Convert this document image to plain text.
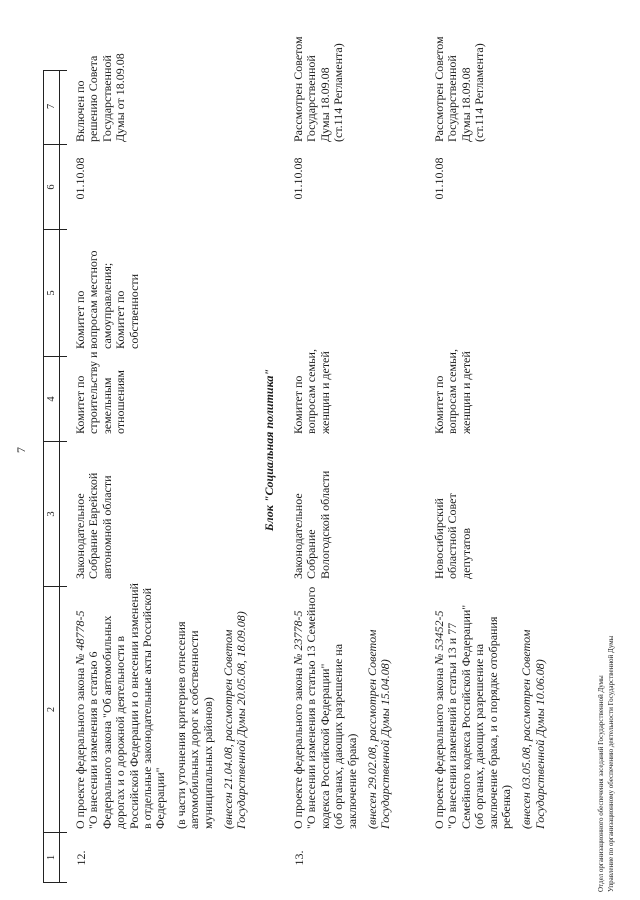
7
1
2
3
4
5
6
7
12.
О проекте федерального закона № 48778-5
"О внесении изменения в статью 6 Федерального закона "Об автомобильных дорогах и о дорожной деятельности в Российской Федерации и о внесении изменений в отдельные законодательные акты Российской Федерации" (в части уточнения критериев отнесения автомобильных дорог к собственности муниципальных районов) (внесен 21.04.08, рассмотрен Советом Государственной Думы 20.05.08, 18.09.08)
Законодательное Собрание Еврейской автономной области
Комитет по строительству и земельным отношениям
Комитет по вопросам местного самоуправления; Комитет по собственности
01.10.08
Включен по решению Совета Государственной Думы от 18.09.08
Блок "Социальная политика"
13.
О проекте федерального закона № 23778-5 "О внесении изменения в статью 13 Семейного кодекса Российской Федерации" (об органах, дающих разрешение на заключение брака) (внесен 29.02.08, рассмотрен Советом Государственной Думы 15.04.08)
Законодательное Собрание Вологодской области
Комитет по вопросам семьи, женщин и детей
01.10.08
Рассмотрен Советом Государственной Думы 18.09.08 (ст.114 Регламента)
О проекте федерального закона № 53452-5 "О внесении изменений в статьи 13 и 77 Семейного кодекса Российской Федерации" (об органах, дающих разрешение на заключение брака, и о порядке отобрания ребенка) (внесен 03.05.08, рассмотрен Советом Государственной Думы 10.06.08)
Новосибирский областной Совет депутатов
Комитет по вопросам семьи, женщин и детей
01.10.08
Рассмотрен Советом Государственной Думы 18.09.08 (ст.114 Регламента)
Отдел организационного обеспечения заседаний Государственной Думы Управление по организационному обеспечению деятельности Государственной Думы
